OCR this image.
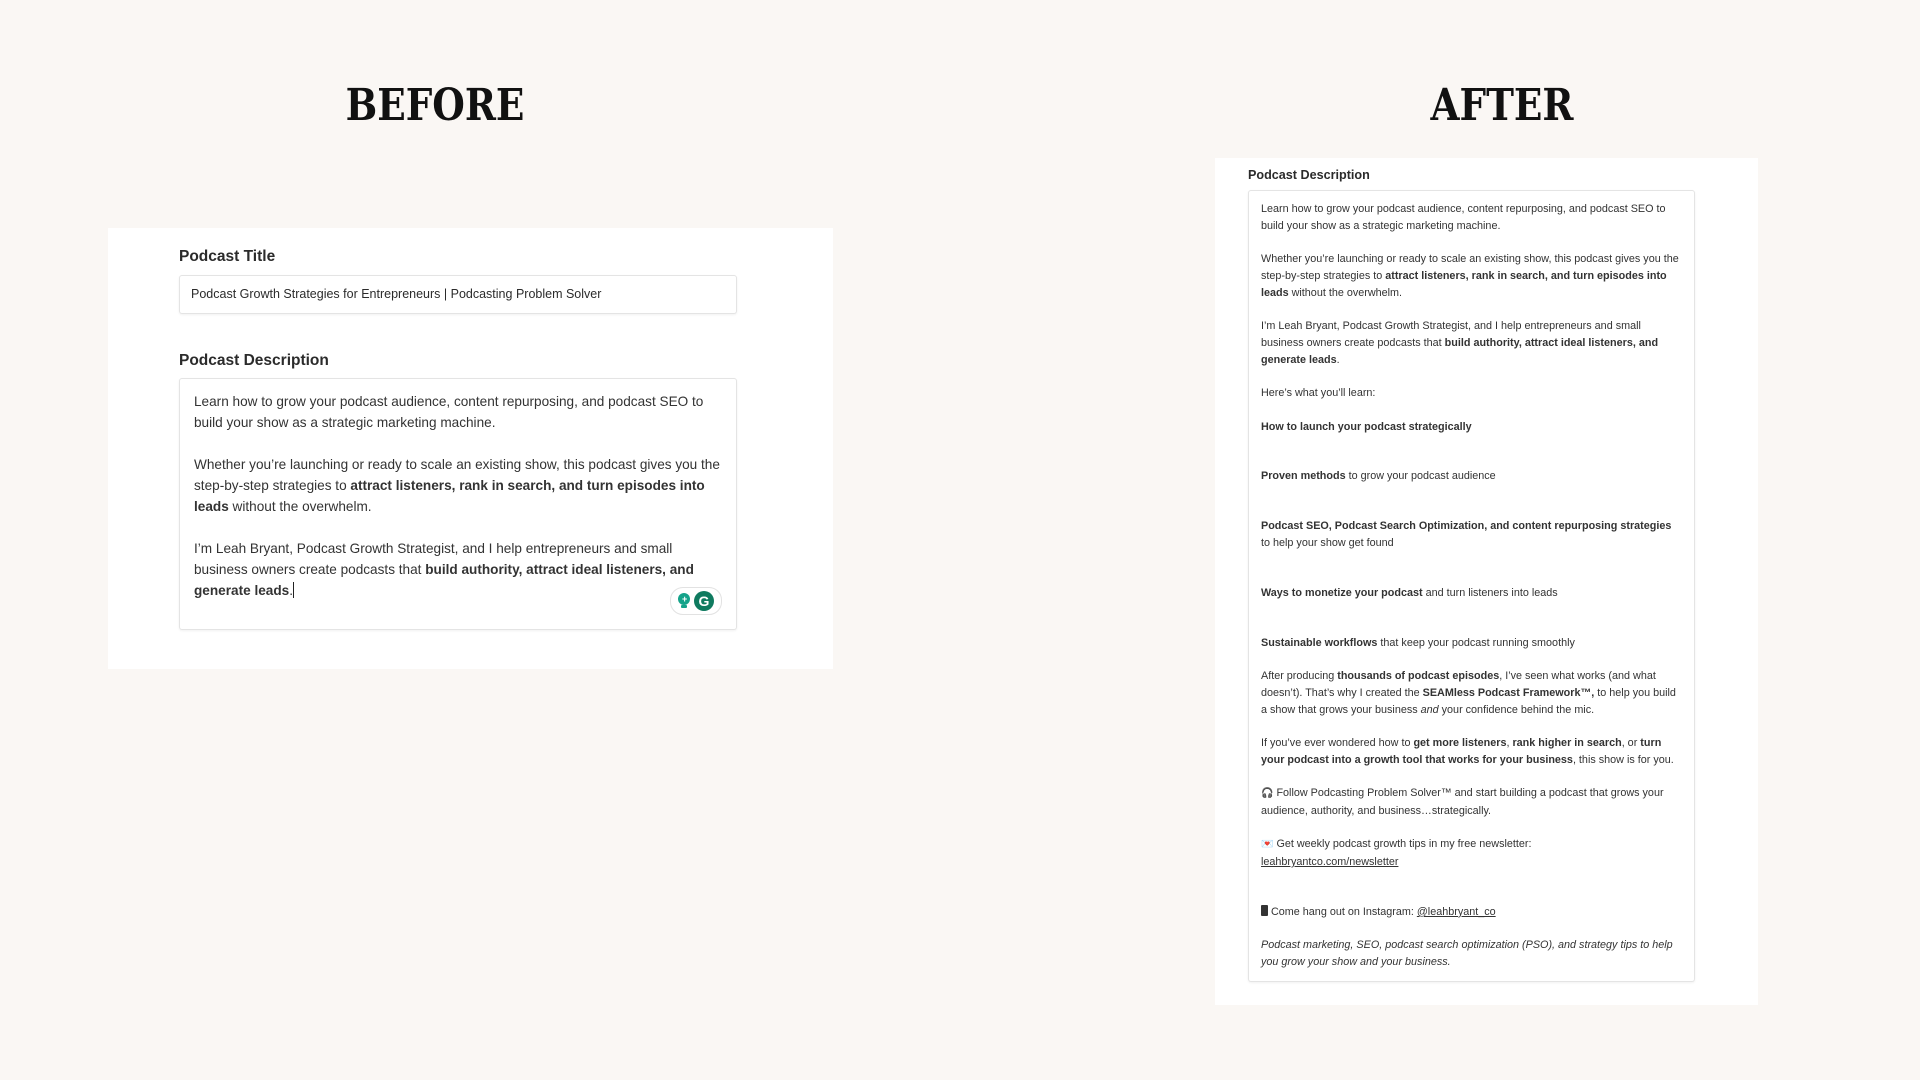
BEFORE	AFTER
Podcast Title
Podcast Growth Strategies for Entrepreneurs | Podcasting Problem Solver
Podcast Description

Learn how to grow your podcast audience, content repurposing, and podcast SEO to build your show as a strategic marketing machine.

Whether you’re launching or ready to scale an existing show, this podcast gives you the step-by-step strategies to attract listeners, rank in search, and turn episodes into leads without the overwhelm.

I’m Leah Bryant, Podcast Growth Strategist, and I help entrepreneurs and small business owners create podcasts that build authority, attract ideal listeners, and generate leads.

+ G
Podcast Description

Learn how to grow your podcast audience, content repurposing, and podcast SEO to build your show as a strategic marketing machine.

Whether you’re launching or ready to scale an existing show, this podcast gives you the step-by-step strategies to attract listeners, rank in search, and turn episodes into leads without the overwhelm.

I’m Leah Bryant, Podcast Growth Strategist, and I help entrepreneurs and small business owners create podcasts that build authority, attract ideal listeners, and generate leads.

Here’s what you’ll learn:

How to launch your podcast strategically

Proven methods to grow your podcast audience

Podcast SEO, Podcast Search Optimization, and content repurposing strategies to help your show get found

Ways to monetize your podcast and turn listeners into leads

Sustainable workflows that keep your podcast running smoothly

After producing thousands of podcast episodes, I’ve seen what works (and what doesn’t). That’s why I created the SEAMless Podcast Framework™, to help you build a show that grows your business and your confidence behind the mic.

If you’ve ever wondered how to get more listeners, rank higher in search, or turn your podcast into a growth tool that works for your business, this show is for you.

🎧 Follow Podcasting Problem Solver™ and start building a podcast that grows your audience, authority, and business…strategically.

💌 Get weekly podcast growth tips in my free newsletter:
leahbryantco.com/newsletter

Come hang out on Instagram: @leahbryant_co

Podcast marketing, SEO, podcast search optimization (PSO), and strategy tips to help you grow your show and your business.
